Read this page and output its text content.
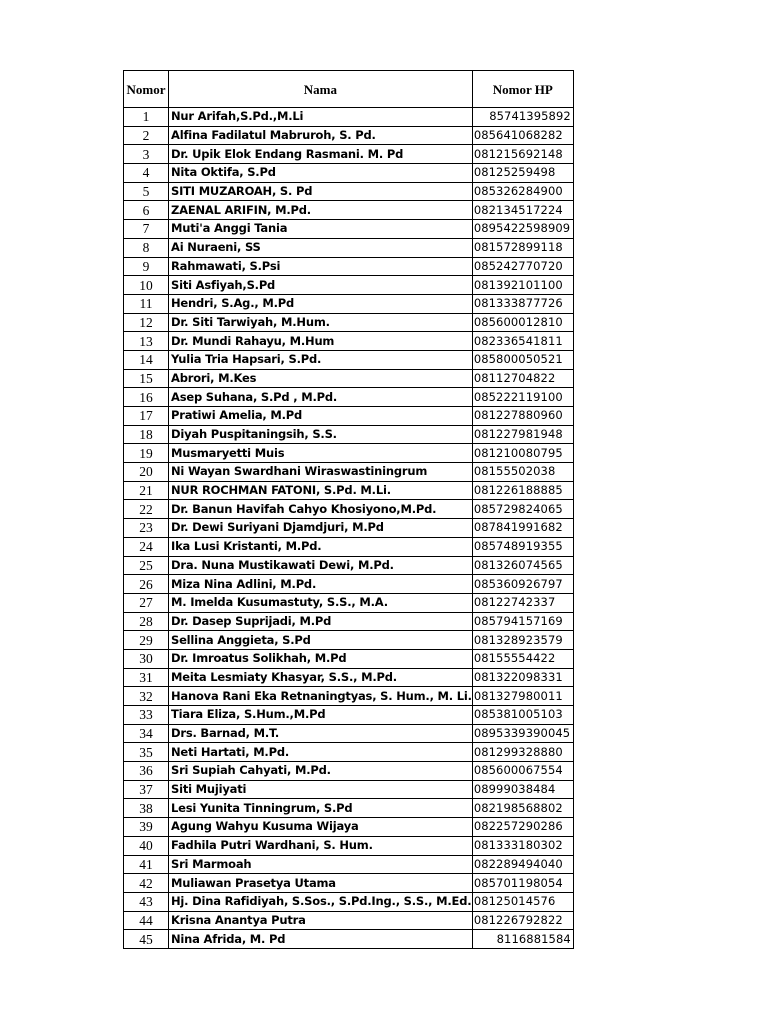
Nomor	Nama	Nomor HP
1	Nur Arifah,S.Pd.,M.Li	85741395892
2	Alfina Fadilatul Mabruroh, S. Pd.	085641068282
3	Dr. Upik Elok Endang Rasmani. M. Pd	081215692148
4	Nita Oktifa, S.Pd	08125259498
5	SITI MUZAROAH, S. Pd	085326284900
6	ZAENAL ARIFIN, M.Pd.	082134517224
7	Muti'a Anggi Tania	0895422598909
8	Ai Nuraeni, SS	081572899118
9	Rahmawati, S.Psi	085242770720
10	Siti Asfiyah,S.Pd	081392101100
11	Hendri, S.Ag., M.Pd	081333877726
12	Dr. Siti Tarwiyah, M.Hum.	085600012810
13	Dr. Mundi Rahayu, M.Hum	082336541811
14	Yulia Tria Hapsari, S.Pd.	085800050521
15	Abrori, M.Kes	08112704822
16	Asep Suhana, S.Pd , M.Pd.	085222119100
17	Pratiwi Amelia, M.Pd	081227880960
18	Diyah Puspitaningsih, S.S.	081227981948
19	Musmaryetti Muis	081210080795
20	Ni Wayan Swardhani Wiraswastiningrum	08155502038
21	NUR ROCHMAN FATONI, S.Pd. M.Li.	081226188885
22	Dr. Banun Havifah Cahyo Khosiyono,M.Pd.	085729824065
23	Dr. Dewi Suriyani Djamdjuri, M.Pd	087841991682
24	Ika Lusi Kristanti, M.Pd.	085748919355
25	Dra. Nuna Mustikawati Dewi, M.Pd.	081326074565
26	Miza Nina Adlini, M.Pd.	085360926797
27	M. Imelda Kusumastuty, S.S., M.A.	08122742337
28	Dr. Dasep Suprijadi, M.Pd	085794157169
29	Sellina Anggieta, S.Pd	081328923579
30	Dr. Imroatus Solikhah, M.Pd	08155554422
31	Meita Lesmiaty Khasyar, S.S., M.Pd.	081322098331
32	Hanova Rani Eka Retnaningtyas, S. Hum., M. Li.	081327980011
33	Tiara Eliza, S.Hum.,M.Pd	085381005103
34	Drs. Barnad, M.T.	0895339390045
35	Neti Hartati, M.Pd.	081299328880
36	Sri Supiah Cahyati, M.Pd.	085600067554
37	Siti Mujiyati	08999038484
38	Lesi Yunita Tinningrum, S.Pd	082198568802
39	Agung Wahyu Kusuma Wijaya	082257290286
40	Fadhila Putri Wardhani, S. Hum.	081333180302
41	Sri Marmoah	082289494040
42	Muliawan Prasetya Utama	085701198054
43	Hj. Dina Rafidiyah, S.Sos., S.Pd.Ing., S.S., M.Ed.	08125014576
44	Krisna Anantya Putra	081226792822
45	Nina Afrida, M. Pd	8116881584
